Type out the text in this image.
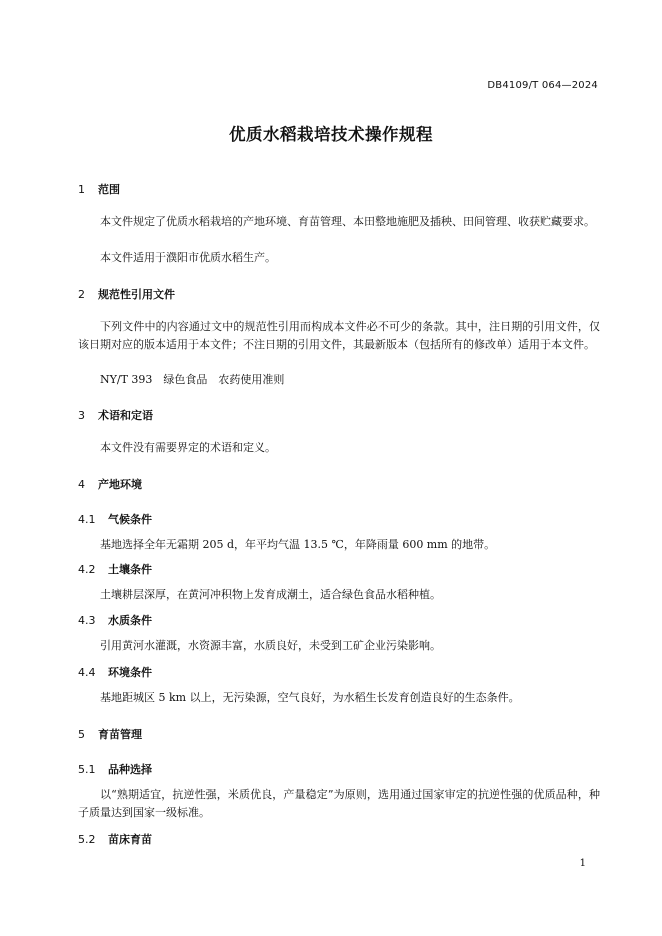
DB4109/T 064—2024
优质水稻栽培技术操作规程
1 范围
本文件规定了优质水稻栽培的产地环境、育苗管理、本田整地施肥及插秧、田间管理、收获贮藏要求。
本文件适用于濮阳市优质水稻生产。
2 规范性引用文件
下列文件中的内容通过文中的规范性引用而构成本文件必不可少的条款。其中，注日期的引用文件，仅该日期对应的版本适用于本文件；不注日期的引用文件，其最新版本（包括所有的修改单）适用于本文件。
NY/T 393　绿色食品　农药使用准则
3 术语和定语
本文件没有需要界定的术语和定义。
4 产地环境
4.1 气候条件
基地选择全年无霜期 205 d，年平均气温 13.5 ℃，年降雨量 600 mm 的地带。
4.2 土壤条件
土壤耕层深厚，在黄河冲积物上发育成潮土，适合绿色食品水稻种植。
4.3 水质条件
引用黄河水灌溉，水资源丰富，水质良好，未受到工矿企业污染影响。
4.4 环境条件
基地距城区 5 km 以上，无污染源，空气良好，为水稻生长发育创造良好的生态条件。
5 育苗管理
5.1 品种选择
以“熟期适宜，抗逆性强，米质优良，产量稳定”为原则，选用通过国家审定的抗逆性强的优质品种，种子质量达到国家一级标准。
5.2 苗床育苗
1
